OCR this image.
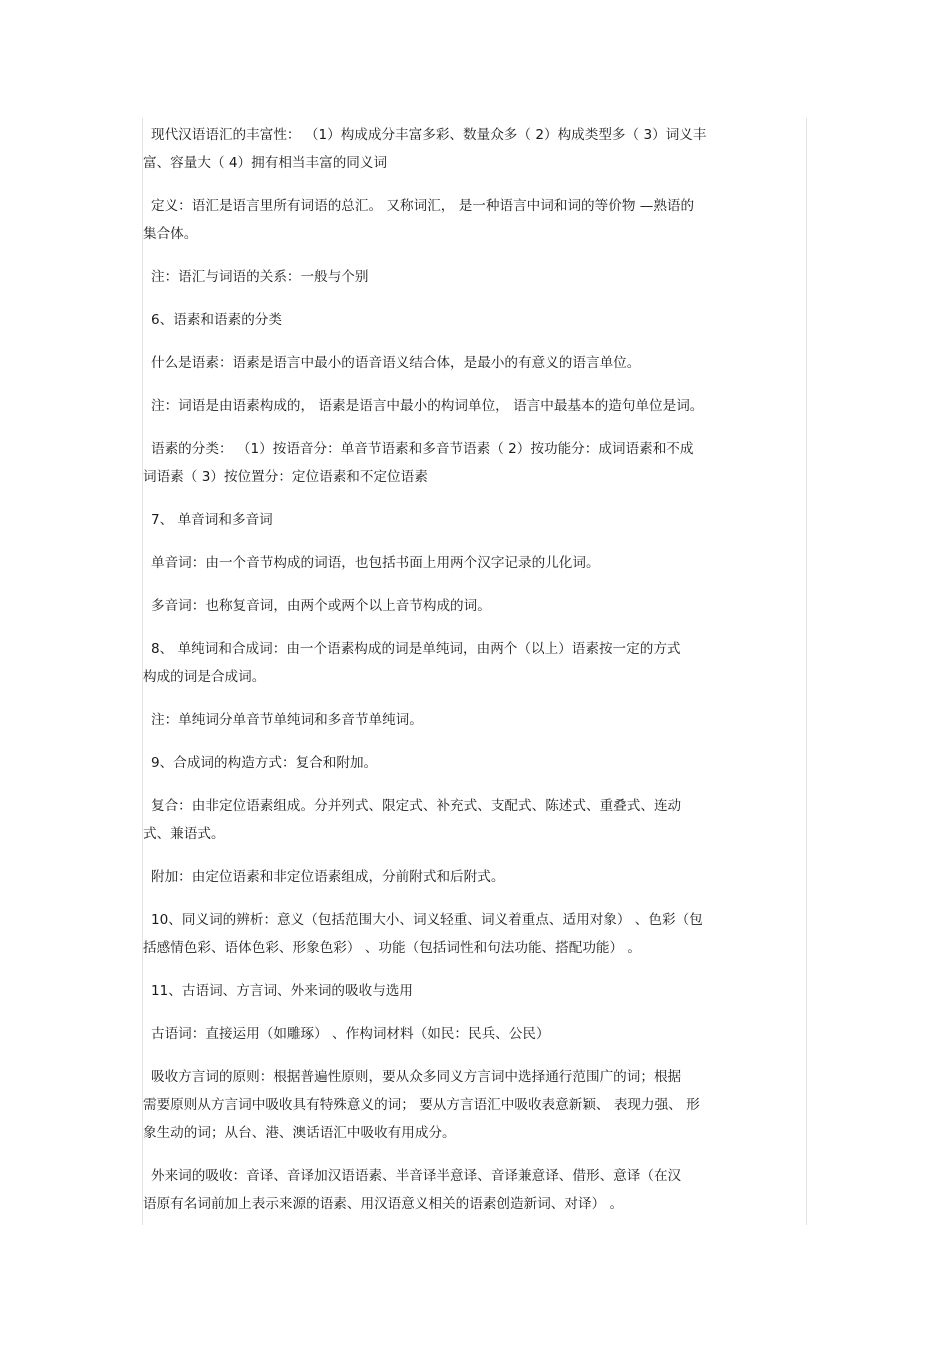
现代汉语语汇的丰富性： （1）构成成分丰富多彩、数量众多（ 2）构成类型多（ 3）词义丰
富、容量大（ 4）拥有相当丰富的同义词

定义：语汇是语言里所有词语的总汇。 又称词汇， 是一种语言中词和词的等价物 —熟语的
集合体。

注：语汇与词语的关系：一般与个别

6、语素和语素的分类

什么是语素：语素是语言中最小的语音语义结合体，是最小的有意义的语言单位。

注：词语是由语素构成的， 语素是语言中最小的构词单位， 语言中最基本的造句单位是词。

语素的分类： （1）按语音分：单音节语素和多音节语素（ 2）按功能分：成词语素和不成
词语素（ 3）按位置分：定位语素和不定位语素

7、 单音词和多音词

单音词：由一个音节构成的词语，也包括书面上用两个汉字记录的儿化词。

多音词：也称复音词，由两个或两个以上音节构成的词。

8、 单纯词和合成词：由一个语素构成的词是单纯词，由两个（以上）语素按一定的方式
构成的词是合成词。

注：单纯词分单音节单纯词和多音节单纯词。

9、合成词的构造方式：复合和附加。

复合：由非定位语素组成。分并列式、限定式、补充式、支配式、陈述式、重叠式、连动
式、兼语式。

附加：由定位语素和非定位语素组成，分前附式和后附式。

10、同义词的辨析：意义（包括范围大小、词义轻重、词义着重点、适用对象） 、色彩（包
括感情色彩、语体色彩、形象色彩） 、功能（包括词性和句法功能、搭配功能） 。

11、古语词、方言词、外来词的吸收与选用

古语词：直接运用（如雕琢） 、作构词材料（如民：民兵、公民）

吸收方言词的原则：根据普遍性原则，要从众多同义方言词中选择通行范围广的词；根据
需要原则从方言词中吸收具有特殊意义的词； 要从方言语汇中吸收表意新颖、 表现力强、 形
象生动的词；从台、港、澳话语汇中吸收有用成分。

外来词的吸收：音译、音译加汉语语素、半音译半意译、音译兼意译、借形、意译（在汉
语原有名词前加上表示来源的语素、用汉语意义相关的语素创造新词、对译） 。
